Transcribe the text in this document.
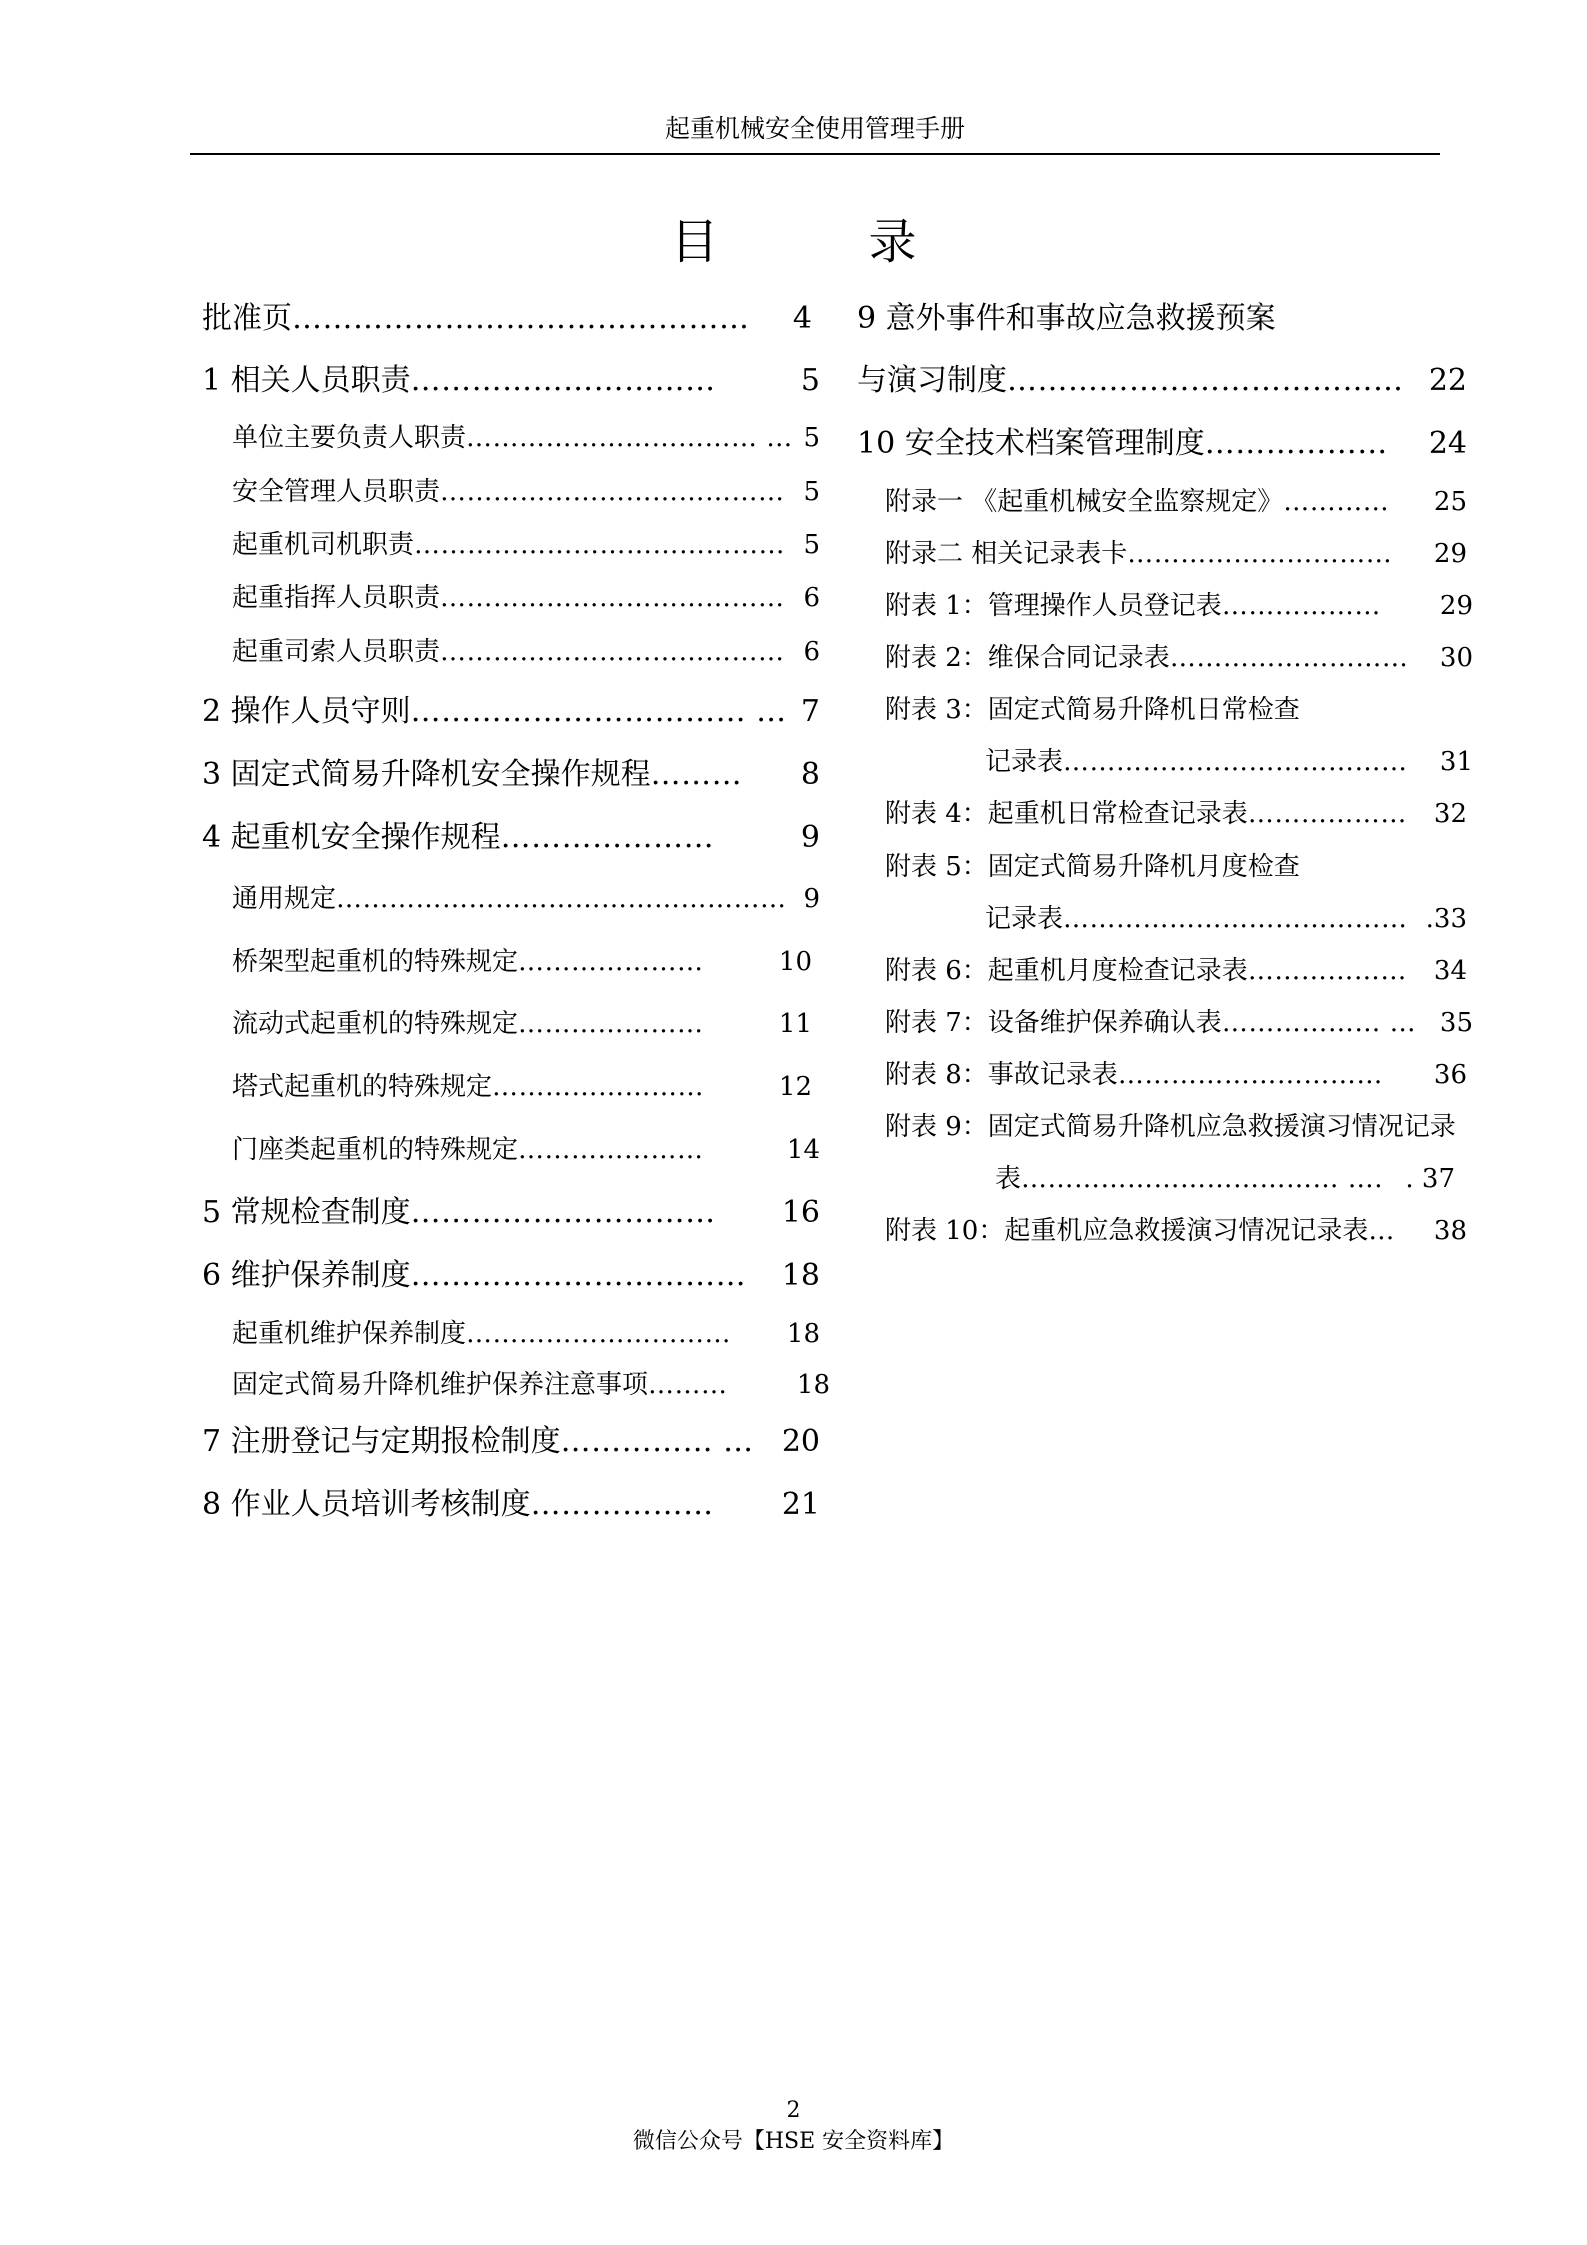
起重机械安全使用管理手册
目录
批准页……………………………………… 4
1 相关人员职责…………………………	5
单位主要负责人职责…………………………… … 5
安全管理人员职责………………………………… 5
起重机司机职责…………………………………… 5
起重指挥人员职责………………………………… 6
起重司索人员职责………………………………… 6
2 操作人员守则…………………………… … 7
3 固定式简易升降机安全操作规程……… 8
4 起重机安全操作规程…………………	9
通用规定…………………………………………… 9
桥架型起重机的特殊规定…………………	10
流动式起重机的特殊规定…………………	11
塔式起重机的特殊规定……………………	12
门座类起重机的特殊规定…………………	14
5 常规检查制度………………………… 16
6 维护保养制度…………………………… 18
起重机维护保养制度………………………… 18
固定式简易升降机维护保养注意事项………	18
7 注册登记与定期报检制度…………… … 20
8 作业人员培训考核制度……………… 21
9 意外事件和事故应急救援预案
与演习制度………………………………… 22
10 安全技术档案管理制度……………… 24
附录一 《起重机械安全监察规定》………… 25
附录二 相关记录表卡………………………… 29
附表 1：管理操作人员登记表……………… 29
附表 2：维保合同记录表……………………… 30
附表 3：固定式简易升降机日常检查
记录表………………………………… 31
附表 4：起重机日常检查记录表……………… 32
附表 5：固定式简易升降机月度检查
记录表………………………………… .33
附表 6：起重机月度检查记录表……………… 34
附表 7：设备维护保养确认表……………… … 35
附表 8：事故记录表………………………… 36
附表 9：固定式简易升降机应急救援演习情况记录
表……………………………… …. . 37
附表 10：起重机应急救援演习情况记录表… 38
2
微信公众号【HSE 安全资料库】
